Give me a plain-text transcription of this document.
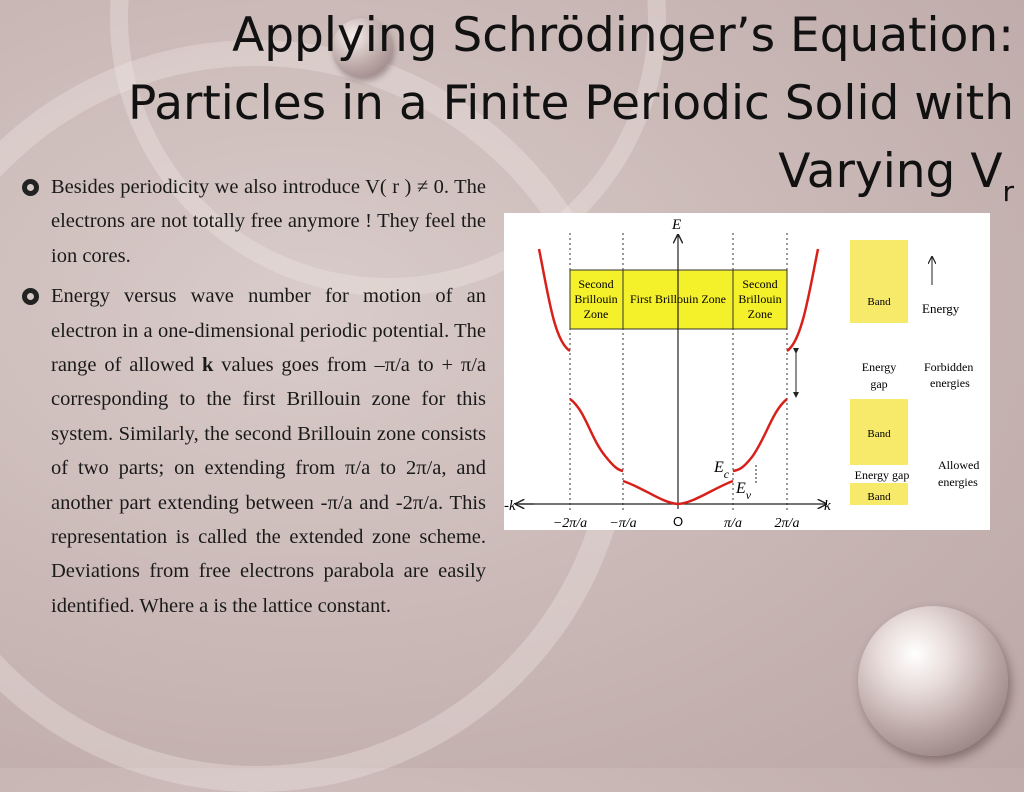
Applying Schrödinger’s Equation:
Particles in a Finite Periodic Solid with
Varying $V_r$
Besides periodicity we also introduce V( r ) ≠ 0. The electrons are not totally free anymore ! They feel the ion cores.
Energy versus wave number for motion of an electron in a one-dimensional periodic potential. The range of allowed k values goes from –π/a to + π/a corresponding to the first Brillouin zone for this system. Similarly, the second Brillouin zone consists of two parts; on extending from π/a to 2π/a, and another part extending between -π/a and -2π/a. This representation is called the extended zone scheme. Deviations from free electrons parabola are easily identified. Where a is the lattice constant.
Second
Brillouin
Zone
First Brillouin Zone
Second
Brillouin
Zone
E
k
-k
−2π/a −π/a	O	π/a 2π/a
$E_c$
$E_v$
Band
Band
Band
Energy
gap
Energy gap
Energy
Forbidden
energies
Allowed
energies
